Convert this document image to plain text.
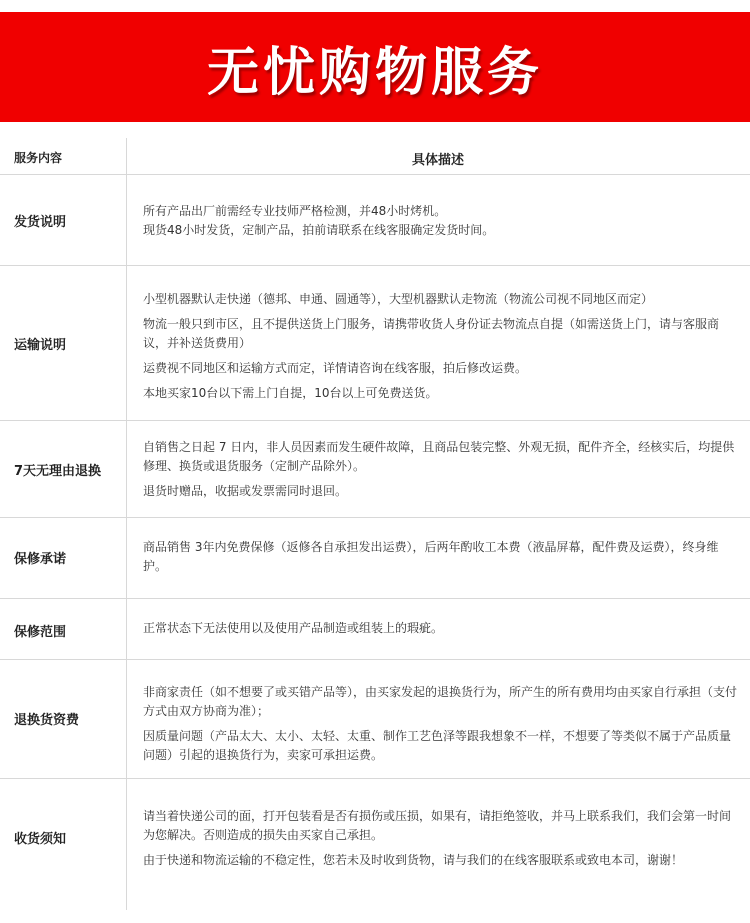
无忧购物服务
服务内容	具体描述
发货说明
所有产品出厂前需经专业技师严格检测，并48小时烤机。
现货48小时发货，定制产品，拍前请联系在线客服确定发货时间。
运输说明
小型机器默认走快递（德邦、申通、圆通等），大型机器默认走物流（物流公司视不同地区而定）
物流一般只到市区，且不提供送货上门服务，请携带收货人身份证去物流点自提（如需送货上门，请与客服商议，并补送货费用）
运费视不同地区和运输方式而定，详情请咨询在线客服，拍后修改运费。
本地买家10台以下需上门自提，10台以上可免费送货。
7天无理由退换
自销售之日起 7 日内，非人员因素而发生硬件故障，且商品包装完整、外观无损，配件齐全，经核实后，均提供修理、换货或退货服务（定制产品除外）。
退货时赠品，收据或发票需同时退回。
保修承诺
商品销售 3年内免费保修（返修各自承担发出运费），后两年酌收工本费（液晶屏幕，配件费及运费），终身维护。
保修范围	正常状态下无法使用以及使用产品制造或组装上的瑕疵。
退换货资费
非商家责任（如不想要了或买错产品等），由买家发起的退换货行为，所产生的所有费用均由买家自行承担（支付方式由双方协商为准）；
因质量问题（产品太大、太小、太轻、太重、制作工艺色泽等跟我想象不一样，不想要了等类似不属于产品质量问题）引起的退换货行为，卖家可承担运费。
收货须知
请当着快递公司的面，打开包装看是否有损伤或压损，如果有，请拒绝签收，并马上联系我们，我们会第一时间为您解决。否则造成的损失由买家自己承担。
由于快递和物流运输的不稳定性，您若未及时收到货物，请与我们的在线客服联系或致电本司，谢谢！
